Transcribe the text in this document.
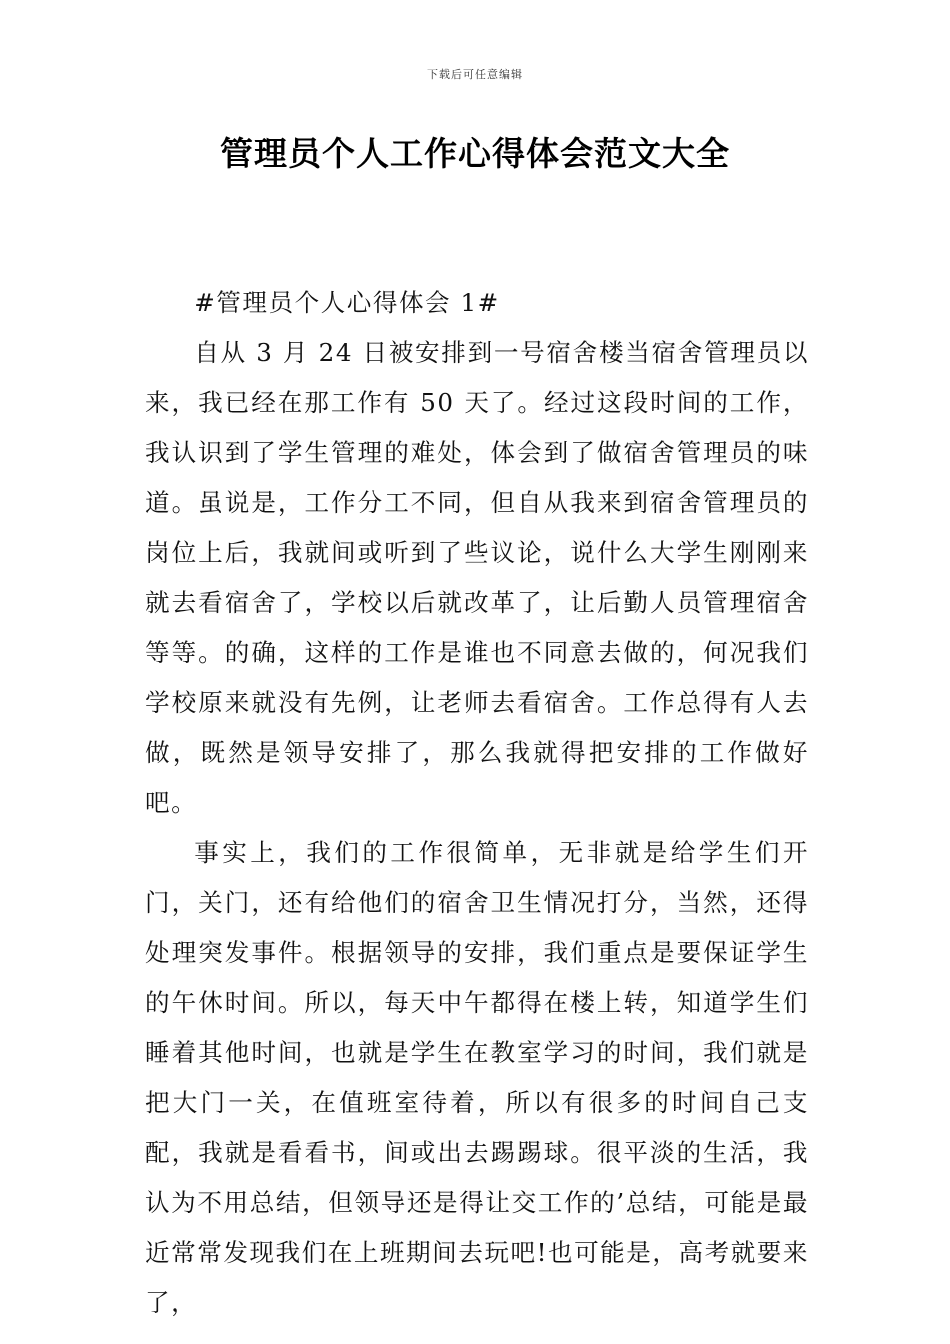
下载后可任意编辑
管理员个人工作心得体会范文大全

#管理员个人心得体会 1#

自从 3 月 24 日被安排到一号宿舍楼当宿舍管理员以来，我已经在那工作有 50 天了。经过这段时间的工作，我认识到了学生管理的难处，体会到了做宿舍管理员的味道。虽说是，工作分工不同，但自从我来到宿舍管理员的岗位上后，我就间或听到了些议论，说什么大学生刚刚来就去看宿舍了，学校以后就改革了，让后勤人员管理宿舍等等。的确，这样的工作是谁也不同意去做的，何况我们学校原来就没有先例，让老师去看宿舍。工作总得有人去做，既然是领导安排了，那么我就得把安排的工作做好吧。

事实上，我们的工作很简单，无非就是给学生们开门，关门，还有给他们的宿舍卫生情况打分，当然，还得处理突发事件。根据领导的安排，我们重点是要保证学生的午休时间。所以，每天中午都得在楼上转，知道学生们睡着其他时间，也就是学生在教室学习的时间，我们就是把大门一关，在值班室待着，所以有很多的时间自己支配，我就是看看书，间或出去踢踢球。很平淡的生活，我认为不用总结，但领导还是得让交工作的’总结，可能是最近常常发现我们在上班期间去玩吧!也可能是，高考就要来了，
